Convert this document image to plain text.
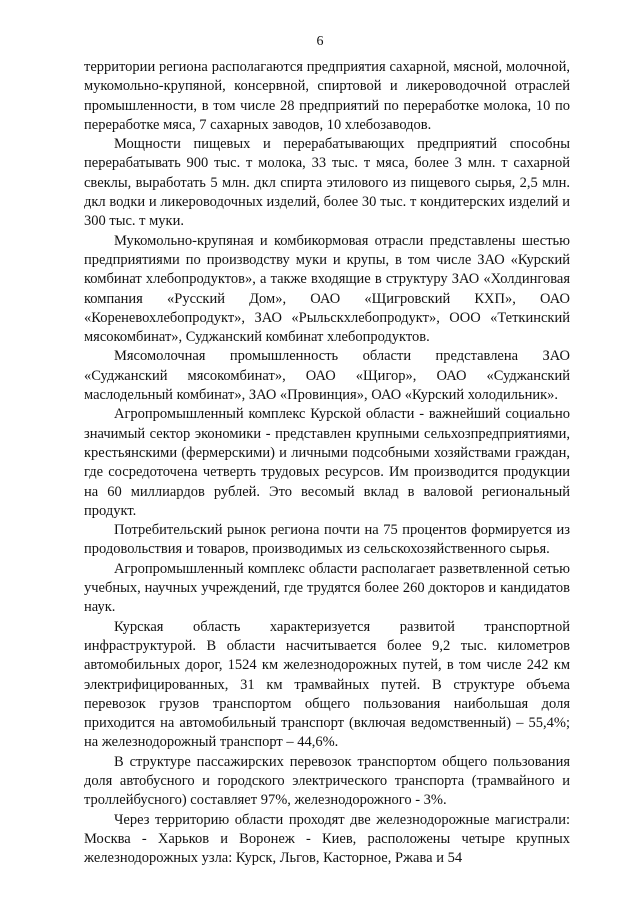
6

территории региона располагаются предприятия сахарной, мясной, молочной, мукомольно-крупяной, консервной, спиртовой и ликероводочной отраслей промышленности, в том числе 28 предприятий по переработке молока, 10 по переработке мяса, 7 сахарных заводов, 10 хлебозаводов.

Мощности пищевых и перерабатывающих предприятий способны перерабатывать 900 тыс. т молока, 33 тыс. т мяса, более 3 млн. т сахарной свеклы, выработать 5 млн. дкл спирта этилового из пищевого сырья, 2,5 млн. дкл водки и ликероводочных изделий, более 30 тыс. т кондитерских изделий и 300 тыс. т муки.

Мукомольно-крупяная и комбикормовая отрасли представлены шестью предприятиями по производству муки и крупы, в том числе ЗАО «Курский комбинат хлебопродуктов», а также входящие в структуру ЗАО «Холдинговая компания «Русский Дом», ОАО «Щигровский КХП», ОАО «Кореневохлебопродукт», ЗАО «Рыльскхлебопродукт», ООО «Теткинский мясокомбинат», Суджанский комбинат хлебопродуктов.

Мясомолочная промышленность области представлена ЗАО «Суджанский мясокомбинат», ОАО «Щигор», ОАО «Суджанский маслодельный комбинат», ЗАО «Провинция», ОАО «Курский холодильник».

Агропромышленный комплекс Курской области - важнейший социально значимый сектор экономики - представлен крупными сельхозпредприятиями, крестьянскими (фермерскими) и личными подсобными хозяйствами граждан, где сосредоточена четверть трудовых ресурсов. Им производится продукции на 60 миллиардов рублей. Это весомый вклад в валовой региональный продукт.

Потребительский рынок региона почти на 75 процентов формируется из продовольствия и товаров, производимых из сельскохозяйственного сырья.

Агропромышленный комплекс области располагает разветвленной сетью учебных, научных учреждений, где трудятся более 260 докторов и кандидатов наук.

Курская область характеризуется развитой транспортной инфраструктурой. В области насчитывается более 9,2 тыс. километров автомобильных дорог, 1524 км железнодорожных путей, в том числе 242 км электрифицированных, 31 км трамвайных путей. В структуре объема перевозок грузов транспортом общего пользования наибольшая доля приходится на автомобильный транспорт (включая ведомственный) – 55,4%; на железнодорожный транспорт – 44,6%.

В структуре пассажирских перевозок транспортом общего пользования доля автобусного и городского электрического транспорта (трамвайного и троллейбусного) составляет 97%, железнодорожного - 3%.

Через территорию области проходят две железнодорожные магистрали: Москва - Харьков и Воронеж - Киев, расположены четыре крупных железнодорожных узла: Курск, Льгов, Касторное, Ржава и 54
